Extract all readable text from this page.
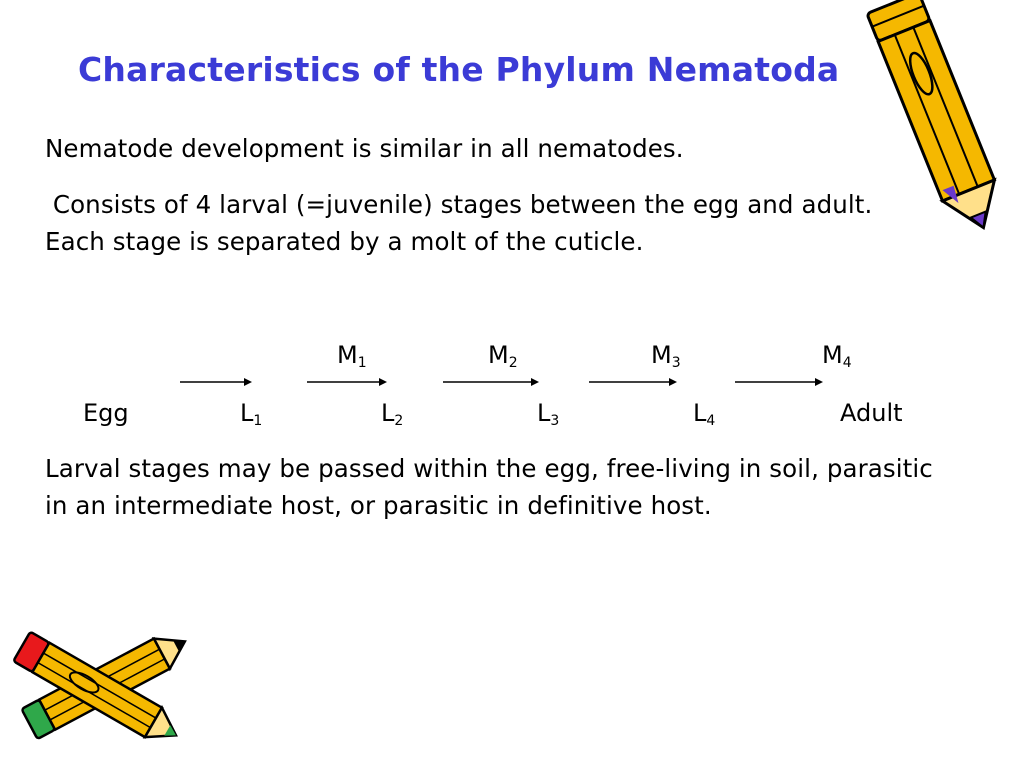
Characteristics of the Phylum Nematoda

Nematode development is similar in all nematodes.

Consists of 4 larval (=juvenile) stages between the egg and adult.  Each stage is separated by a molt of the cuticle.

$M_1$	$M_2$	$M_3$	$M_4$
Egg	$L_1$	$L_2$	$L_3$	$L_4$	Adult

Larval stages may be passed within the egg, free-living in soil, parasitic in an intermediate host, or parasitic in definitive host.
